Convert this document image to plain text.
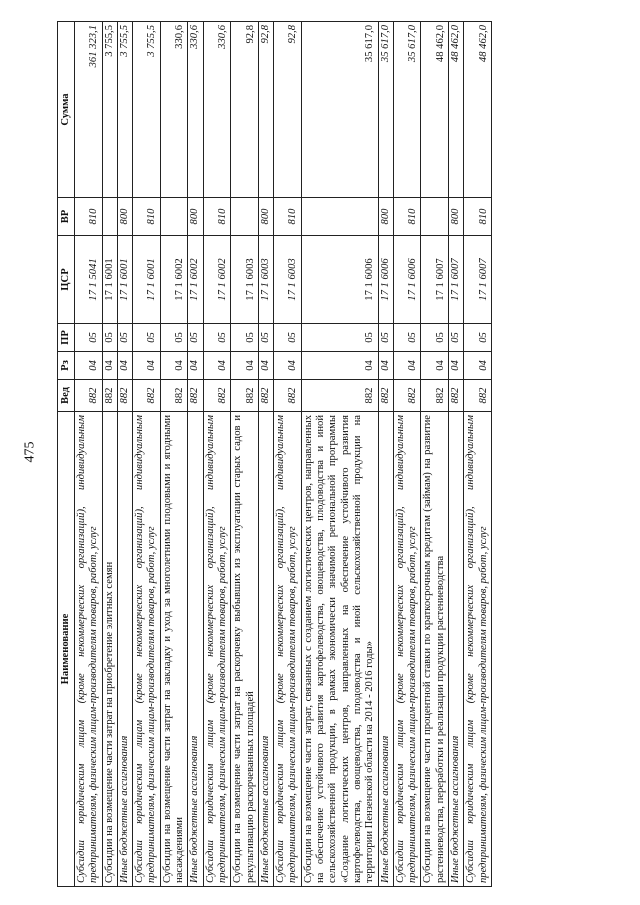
475
Наименование	Вед	Рз	ПР	ЦСР	ВР	Сумма
Субсидии юридическим лицам (кроме некоммерческих организаций), индивидуальным предпринимателям, физическим лицам-производителям товаров, работ, услуг	882	04	05	17 1 5041	810	361 323,1
Субсидии на возмещение части затрат на приобретение элитных семян	882	04	05	17 1 6001		3 755,5
Иные бюджетные ассигнования	882	04	05	17 1 6001	800	3 755,5
Субсидии юридическим лицам (кроме некоммерческих организаций), индивидуальным предпринимателям, физическим лицам-производителям товаров, работ, услуг	882	04	05	17 1 6001	810	3 755,5
Субсидии на возмещение части затрат на закладку и уход за многолетними плодовыми и ягодными насаждениями	882	04	05	17 1 6002		330,6
Иные бюджетные ассигнования	882	04	05	17 1 6002	800	330,6
Субсидии юридическим лицам (кроме некоммерческих организаций), индивидуальным предпринимателям, физическим лицам-производителям товаров, работ, услуг	882	04	05	17 1 6002	810	330,6
Субсидии на возмещение части затрат на раскорчевку выбывших из эксплуатации старых садов и рекультивацию раскорчеванных площадей	882	04	05	17 1 6003		92,8
Иные бюджетные ассигнования	882	04	05	17 1 6003	800	92,8
Субсидии юридическим лицам (кроме некоммерческих организаций), индивидуальным предпринимателям, физическим лицам-производителям товаров, работ, услуг	882	04	05	17 1 6003	810	92,8
Субсидии на возмещение части затрат, связанных с созданием логистических центров, направленных на обеспечение устойчивого развития картофелеводства, овощеводства, плодоводства и иной сельскохозяйственной продукции, в рамках экономически значимой региональной программы «Создание логистических центров, направленных на обеспечение устойчивого развития картофелеводства, овощеводства, плодоводства и иной сельскохозяйственной продукции на территории Пензенской области на 2014 - 2016 годы»	882	04	05	17 1 6006		35 617,0
Иные бюджетные ассигнования	882	04	05	17 1 6006	800	35 617,0
Субсидии юридическим лицам (кроме некоммерческих организаций), индивидуальным предпринимателям, физическим лицам-производителям товаров, работ, услуг	882	04	05	17 1 6006	810	35 617,0
Субсидии на возмещение части процентной ставки по краткосрочным кредитам (займам) на развитие растениеводства, переработки и реализации продукции растениеводства	882	04	05	17 1 6007		48 462,0
Иные бюджетные ассигнования	882	04	05	17 1 6007	800	48 462,0
Субсидии юридическим лицам (кроме некоммерческих организаций), индивидуальным предпринимателям, физическим лицам-производителям товаров, работ, услуг	882	04	05	17 1 6007	810	48 462,0
